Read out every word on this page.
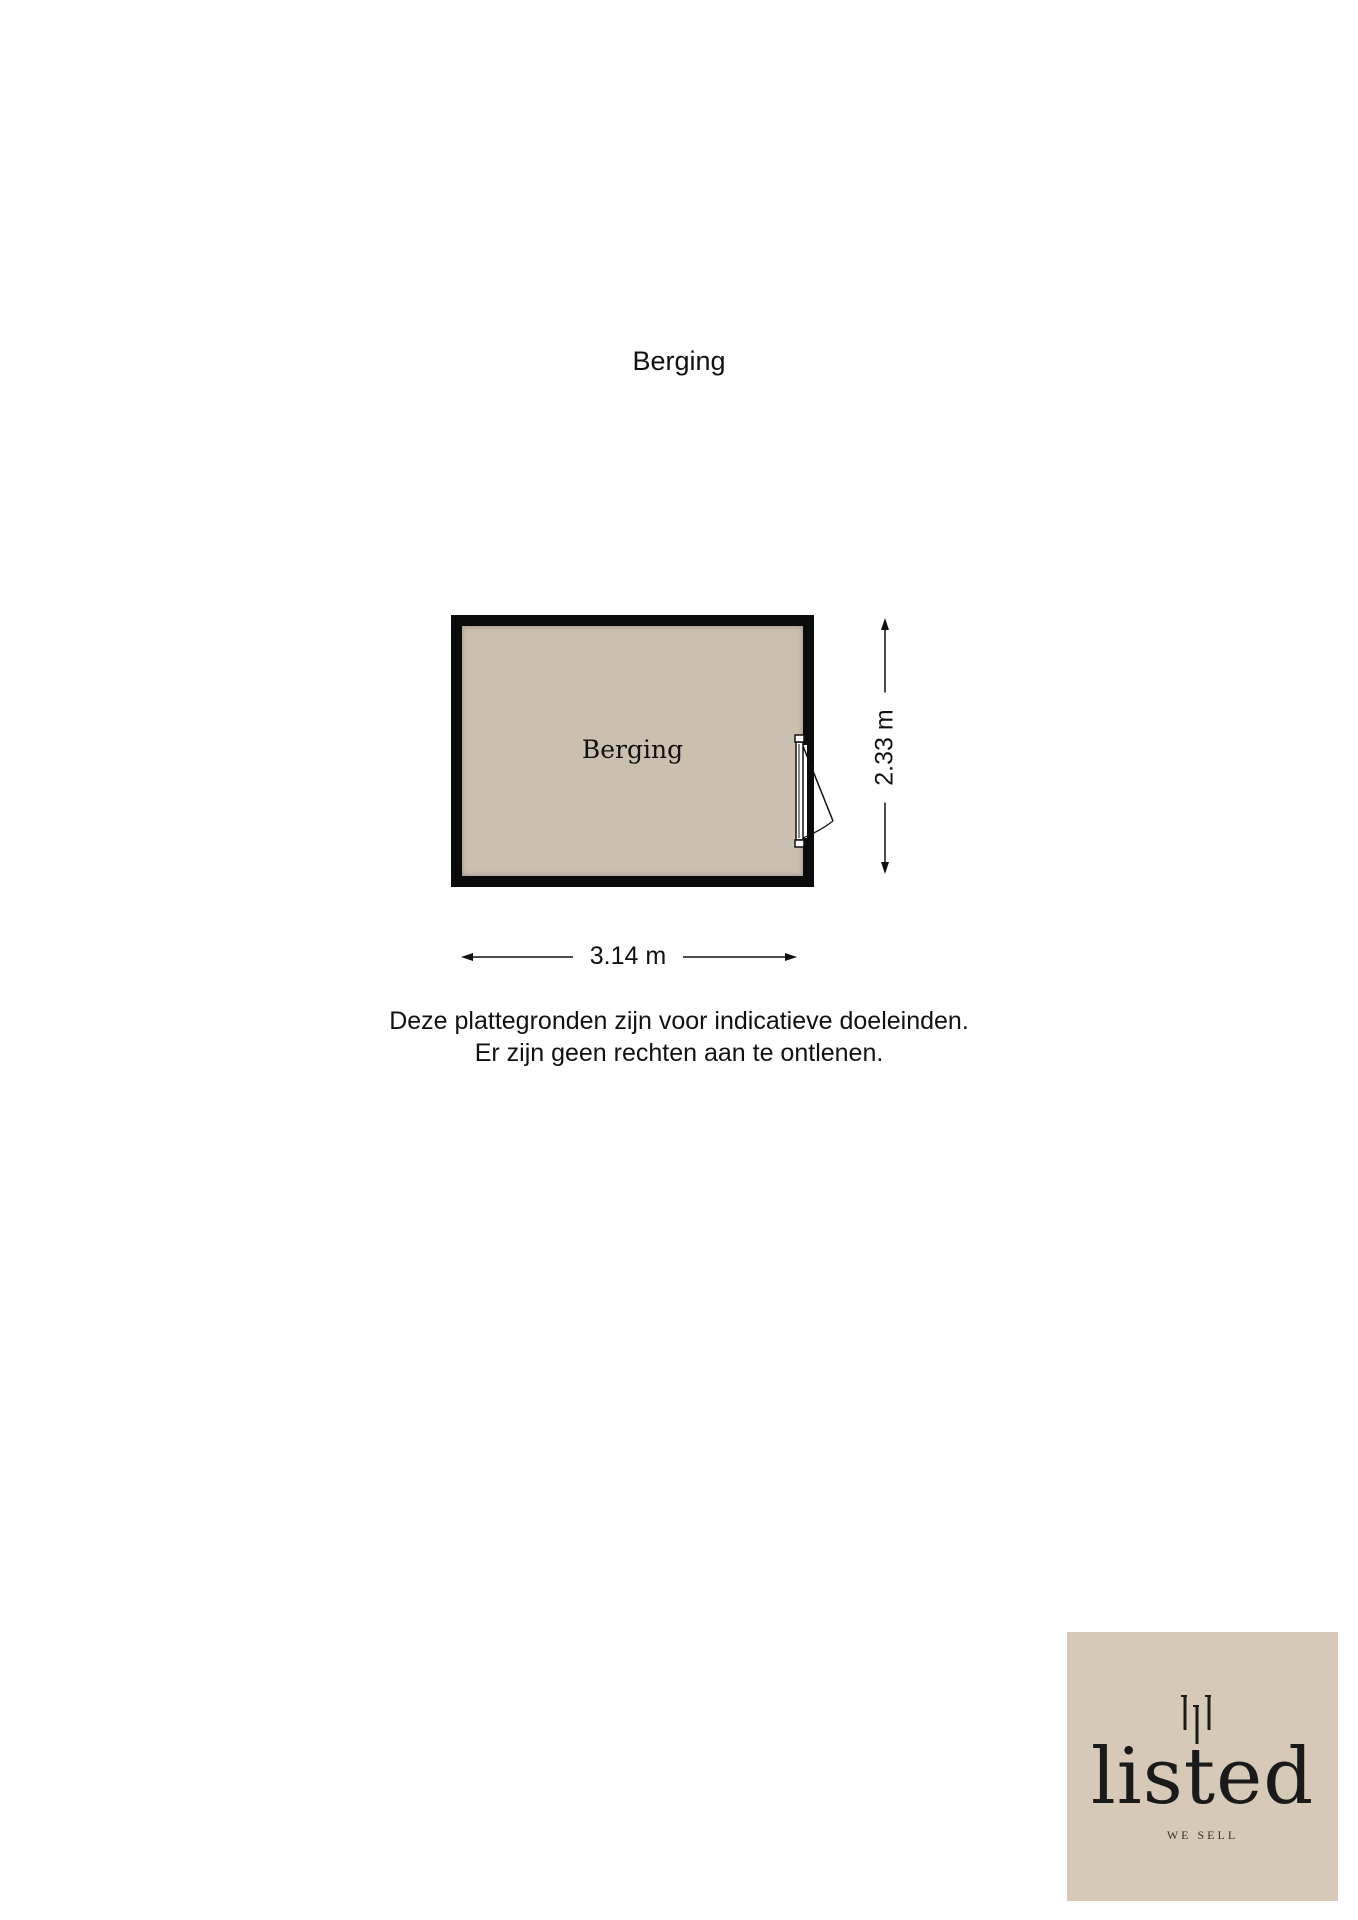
Berging
Berging
3.14 m
2.33 m
Deze plattegronden zijn voor indicatieve doeleinden.
Er zijn geen rechten aan te ontlenen.
listed
WE SELL
